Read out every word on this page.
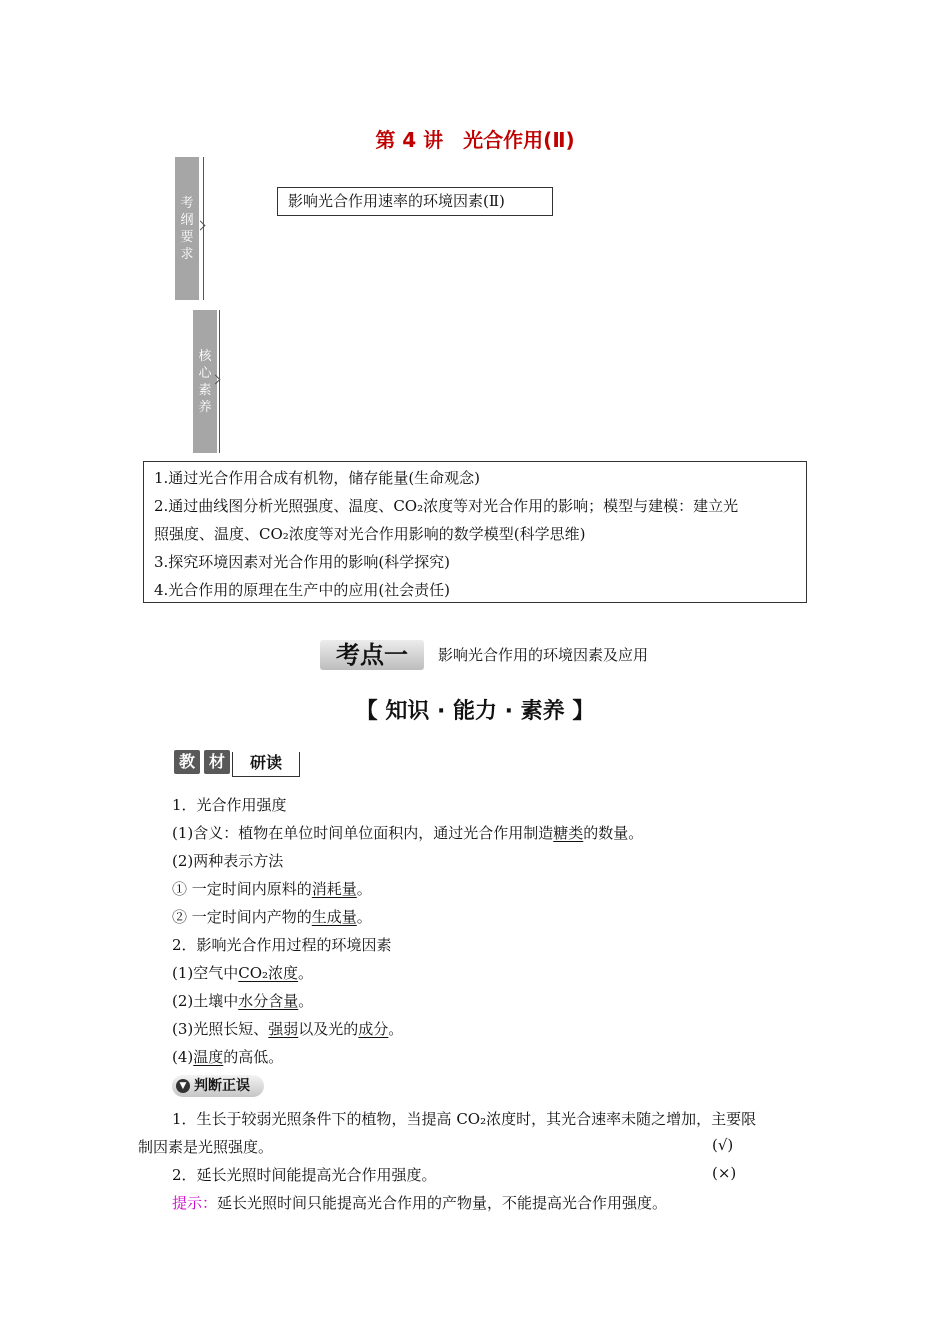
第 4 讲　光合作用(Ⅱ)
考纲要求
影响光合作用速率的环境因素(Ⅱ)
核心素养
1.通过光合作用合成有机物，储存能量(生命观念)
2.通过曲线图分析光照强度、温度、CO₂浓度等对光合作用的影响；模型与建模：建立光
照强度、温度、CO₂浓度等对光合作用影响的数学模型(科学思维)
3.探究环境因素对光合作用的影响(科学探究)
4.光合作用的原理在生产中的应用(社会责任)
考点一	影响光合作用的环境因素及应用
【 知识 · 能力 · 素养 】
教 材	研读
1．光合作用强度
(1)含义：植物在单位时间单位面积内，通过光合作用制造糖类的数量。
(2)两种表示方法
① 一定时间内原料的消耗量。
② 一定时间内产物的生成量。
2．影响光合作用过程的环境因素
(1)空气中CO₂浓度。
(2)土壤中水分含量。
(3)光照长短、强弱以及光的成分。
(4)温度的高低。
▼ 判断正误
1．生长于较弱光照条件下的植物，当提高 CO₂浓度时，其光合速率未随之增加，主要限
制因素是光照强度。	(√)
2．延长光照时间能提高光合作用强度。	(×)
提示：延长光照时间只能提高光合作用的产物量，不能提高光合作用强度。
